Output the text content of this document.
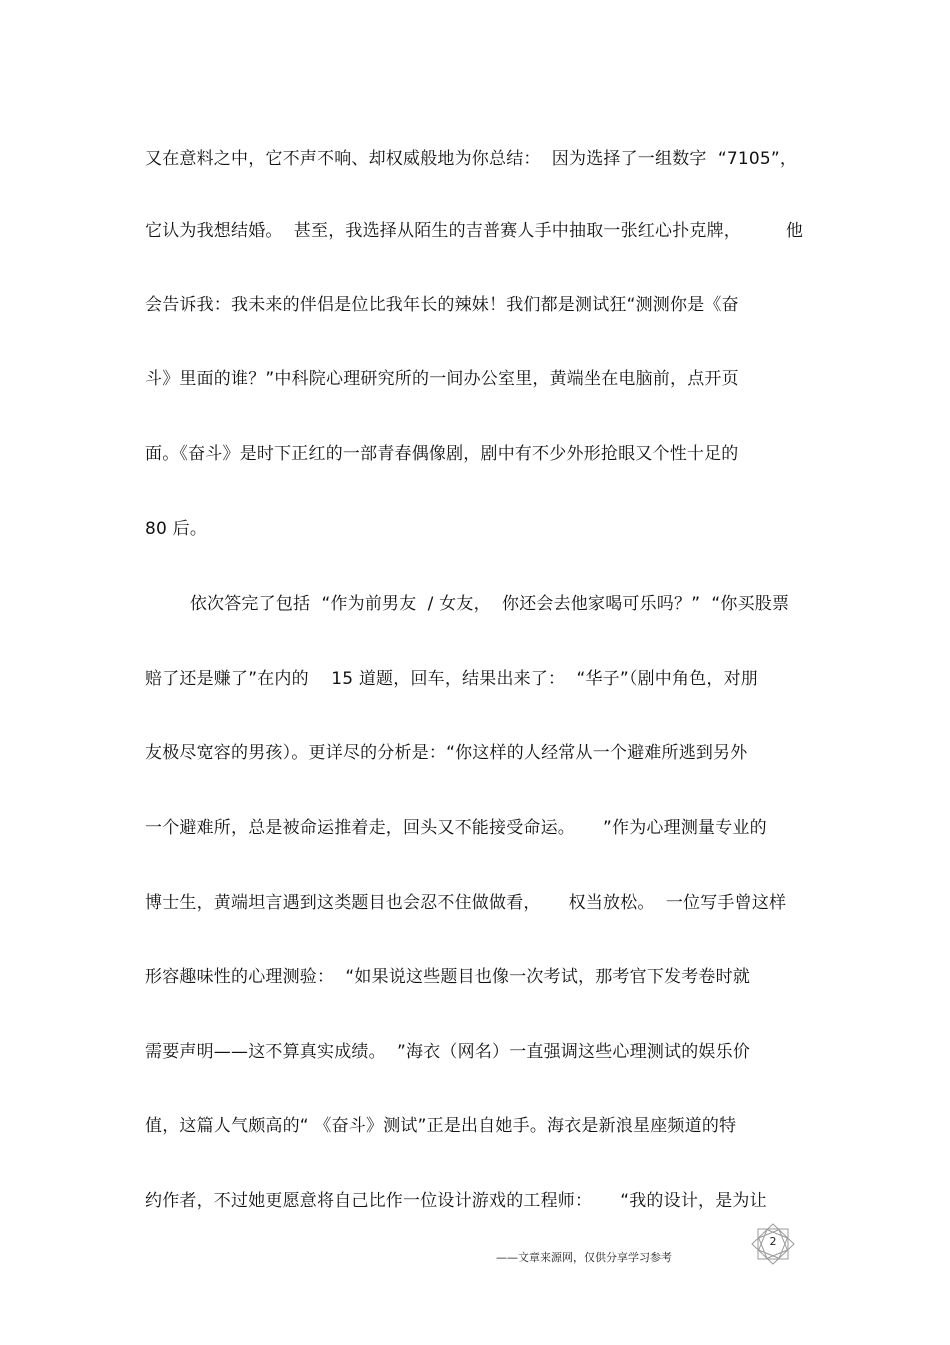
又在意料之中，它不声不响、却权威般地为你总结：  因为选择了一组数字  “7105”，
它认为我想结婚。  甚至，我选择从陌生的吉普赛人手中抽取一张红心扑克牌，        他
会告诉我：我未来的伴侣是位比我年长的辣妹！我们都是测试狂“测测你是《奋
斗》里面的谁？”中科院心理研究所的一间办公室里，黄端坐在电脑前，点开页
面。《奋斗》是时下正红的一部青春偶像剧，剧中有不少外形抢眼又个性十足的
80 后。
依次答完了包括  “作为前男友  / 女友，  你还会去他家喝可乐吗？”  “你买股票
赔了还是赚了”在内的    15 道题，回车，结果出来了：  “华子”（剧中角色，对朋
友极尽宽容的男孩）。更详尽的分析是：“你这样的人经常从一个避难所逃到另外
一个避难所，总是被命运推着走，回头又不能接受命运。     ”作为心理测量专业的
博士生，黄端坦言遇到这类题目也会忍不住做做看，     权当放松。  一位写手曾这样
形容趣味性的心理测验：  “如果说这些题目也像一次考试，那考官下发考卷时就
需要声明——这不算真实成绩。  ”海衣（网名）一直强调这些心理测试的娱乐价
值，这篇人气颇高的“ 《奋斗》测试”正是出自她手。海衣是新浪星座频道的特
约作者，不过她更愿意将自己比作一位设计游戏的工程师：     “我的设计，是为让
——文章来源网，仅供分享学习参考
2
